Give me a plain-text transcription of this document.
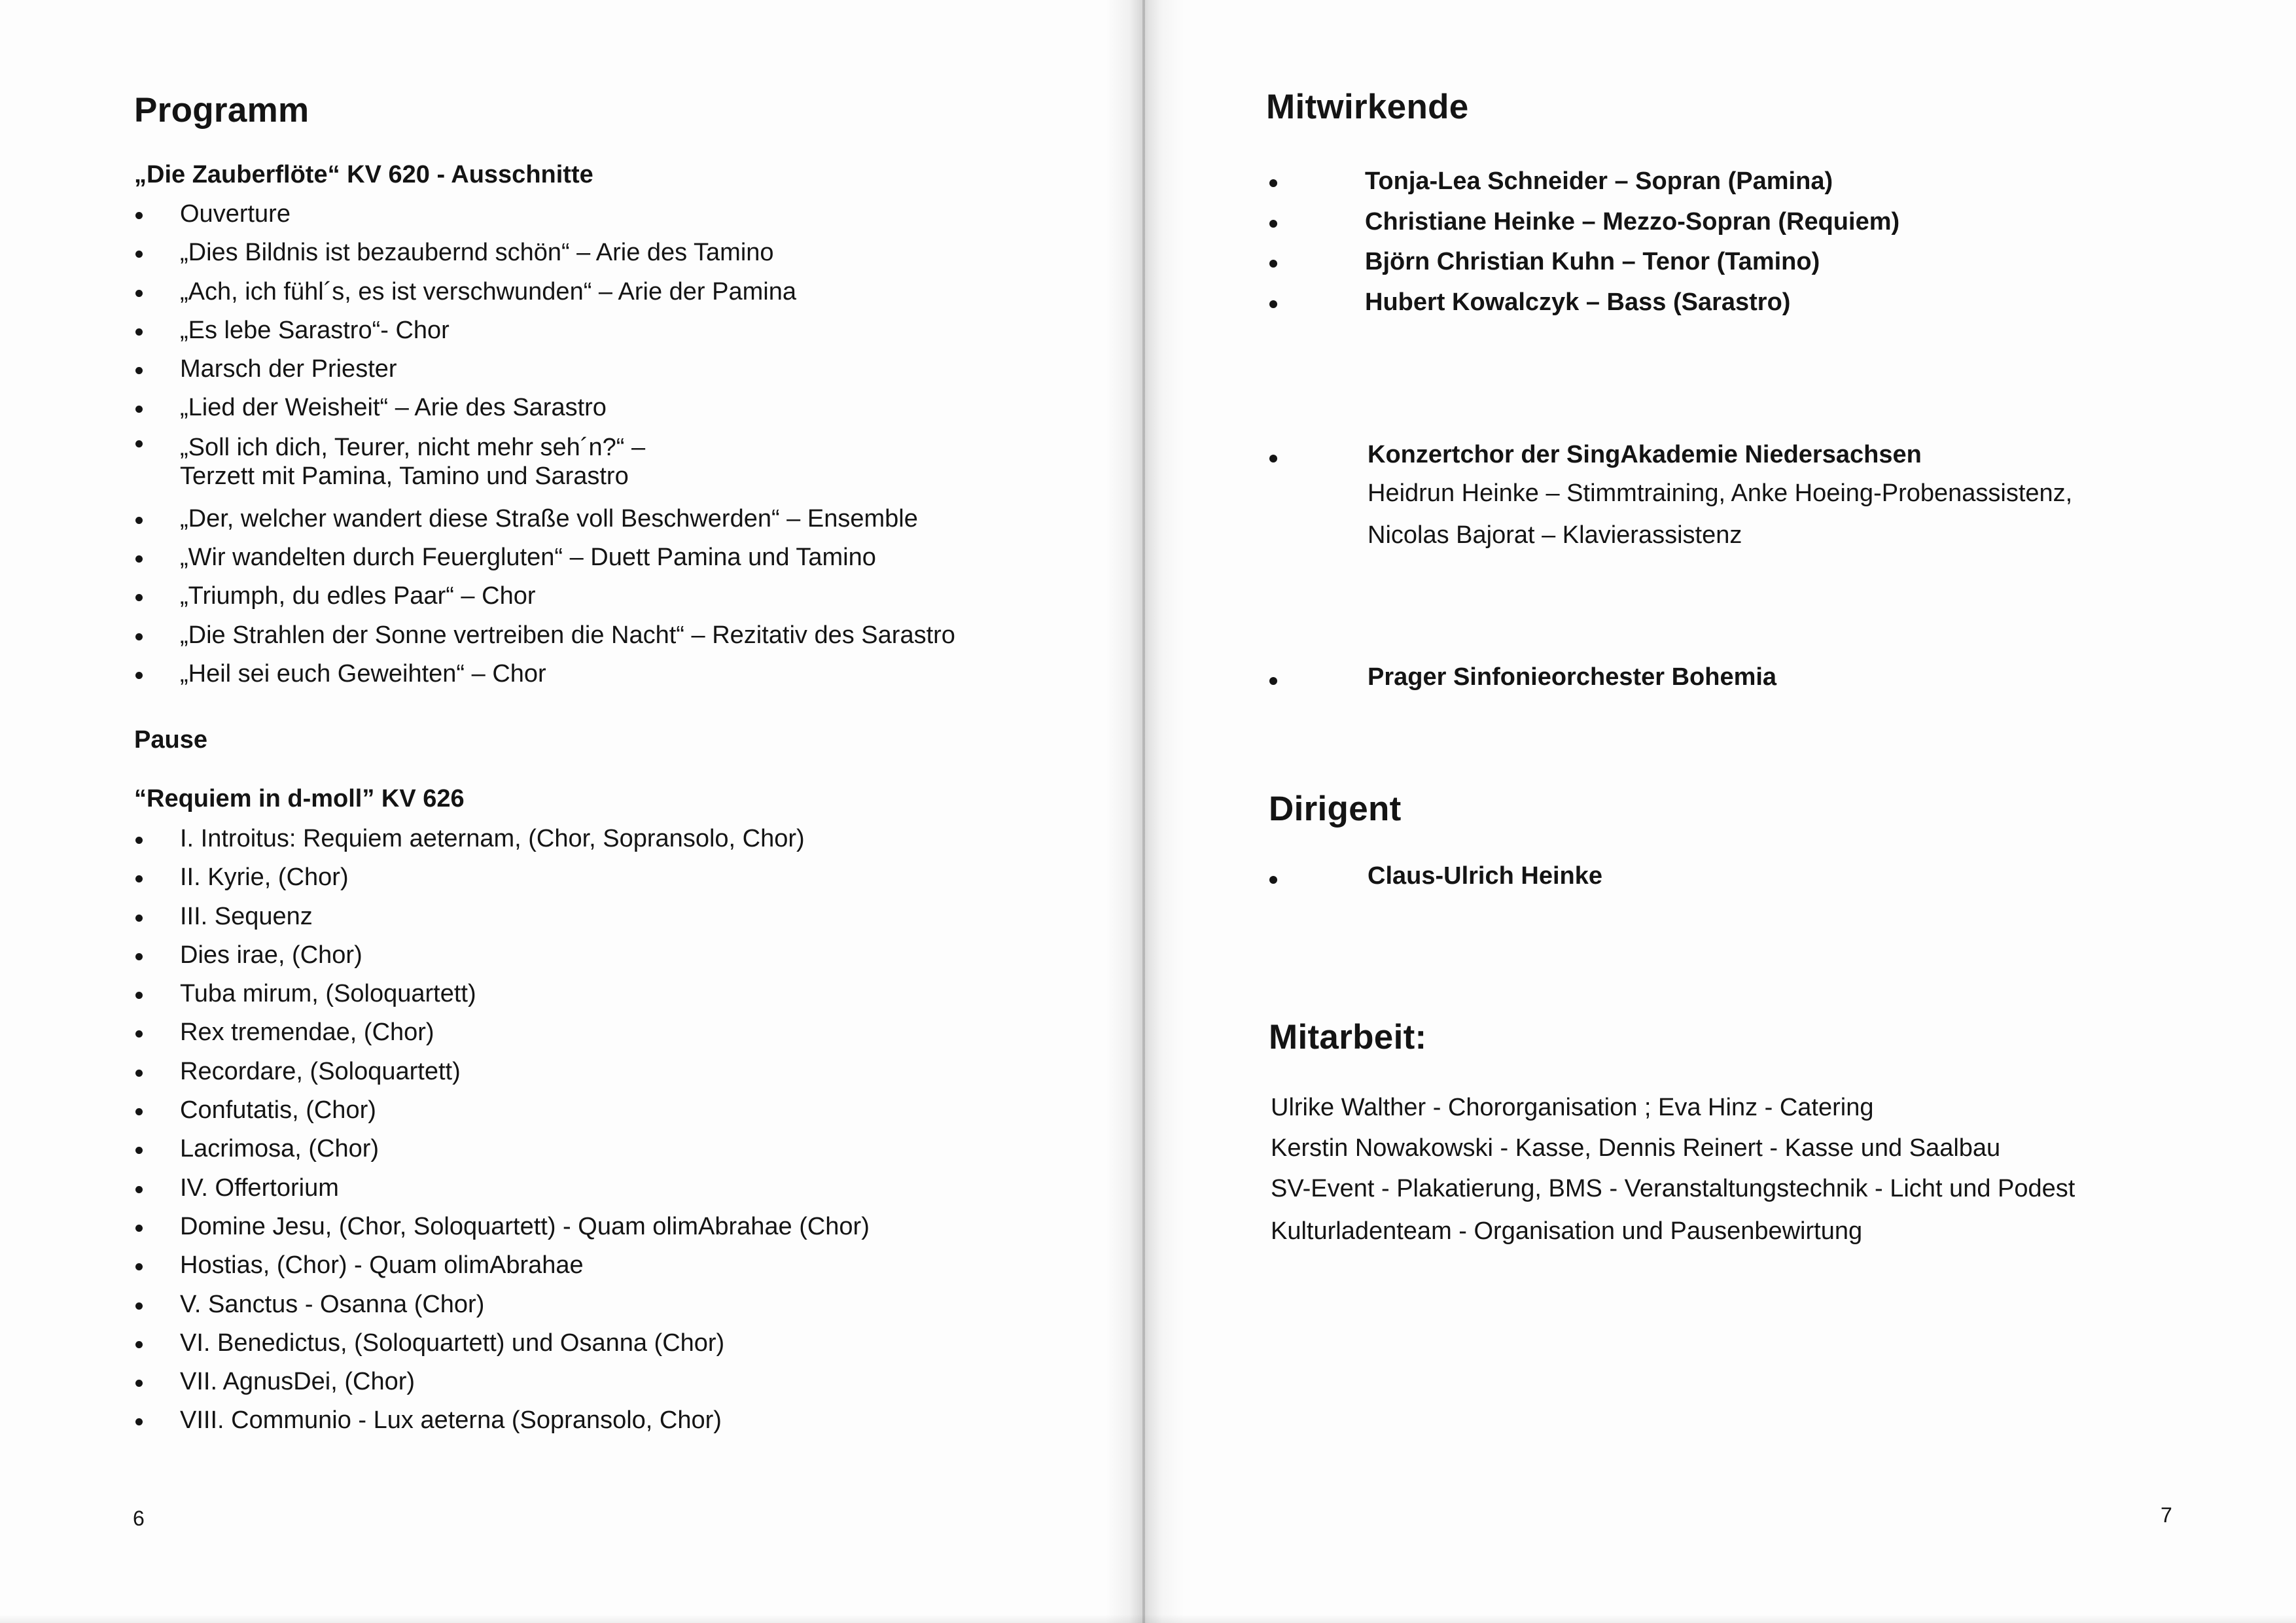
Programm
„Die Zauberflöte“ KV 620 - Ausschnitte
Ouverture
„Dies Bildnis ist bezaubernd schön“ – Arie des Tamino
„Ach, ich fühl´s, es ist verschwunden“ – Arie der Pamina
„Es lebe Sarastro“- Chor
Marsch der Priester
„Lied der Weisheit“ – Arie des Sarastro
„Soll ich dich, Teurer, nicht mehr seh´n?“ –
Terzett mit Pamina, Tamino und Sarastro
„Der, welcher wandert diese Straße voll Beschwerden“ – Ensemble
„Wir wandelten durch Feuergluten“ – Duett Pamina und Tamino
„Triumph, du edles Paar“ – Chor
„Die Strahlen der Sonne vertreiben die Nacht“ – Rezitativ des Sarastro
„Heil sei euch Geweihten“ – Chor
Pause
“Requiem in d-moll” KV 626
I. Introitus: Requiem aeternam, (Chor, Sopransolo, Chor)
II. Kyrie, (Chor)
III. Sequenz
Dies irae, (Chor)
Tuba mirum, (Soloquartett)
Rex tremendae, (Chor)
Recordare, (Soloquartett)
Confutatis, (Chor)
Lacrimosa, (Chor)
IV. Offertorium
Domine Jesu, (Chor, Soloquartett) - Quam olimAbrahae (Chor)
Hostias, (Chor) - Quam olimAbrahae
V. Sanctus - Osanna (Chor)
VI. Benedictus, (Soloquartett) und Osanna (Chor)
VII. AgnusDei, (Chor)
VIII. Communio - Lux aeterna (Sopransolo, Chor)
6
Mitwirkende
Tonja-Lea Schneider – Sopran (Pamina)
Christiane Heinke – Mezzo-Sopran (Requiem)
Björn Christian Kuhn – Tenor (Tamino)
Hubert Kowalczyk – Bass (Sarastro)
Konzertchor der SingAkademie Niedersachsen
Heidrun Heinke – Stimmtraining, Anke Hoeing-Probenassistenz,
Nicolas Bajorat – Klavierassistenz
Prager Sinfonieorchester Bohemia
Dirigent
Claus-Ulrich Heinke
Mitarbeit:
Ulrike Walther - Chororganisation ; Eva Hinz - Catering
Kerstin Nowakowski - Kasse, Dennis Reinert - Kasse und Saalbau
SV-Event - Plakatierung, BMS - Veranstaltungstechnik - Licht und Podest
Kulturladenteam - Organisation und Pausenbewirtung
7
